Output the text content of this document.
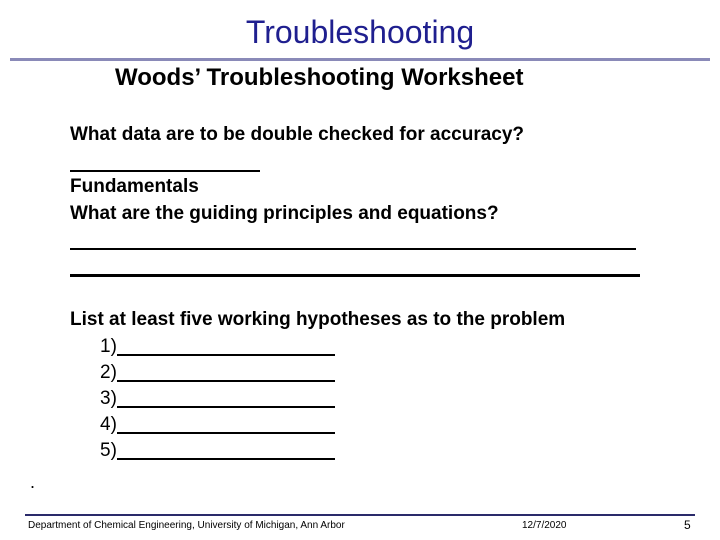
Troubleshooting
Woods’ Troubleshooting Worksheet
What data are to be double checked for accuracy?
Fundamentals
What are the guiding principles and equations?
List at least five working hypotheses as to the problem
1)
2)
3)
4)
5)
.
Department of Chemical Engineering, University of Michigan, Ann Arbor	12/7/2020	5
